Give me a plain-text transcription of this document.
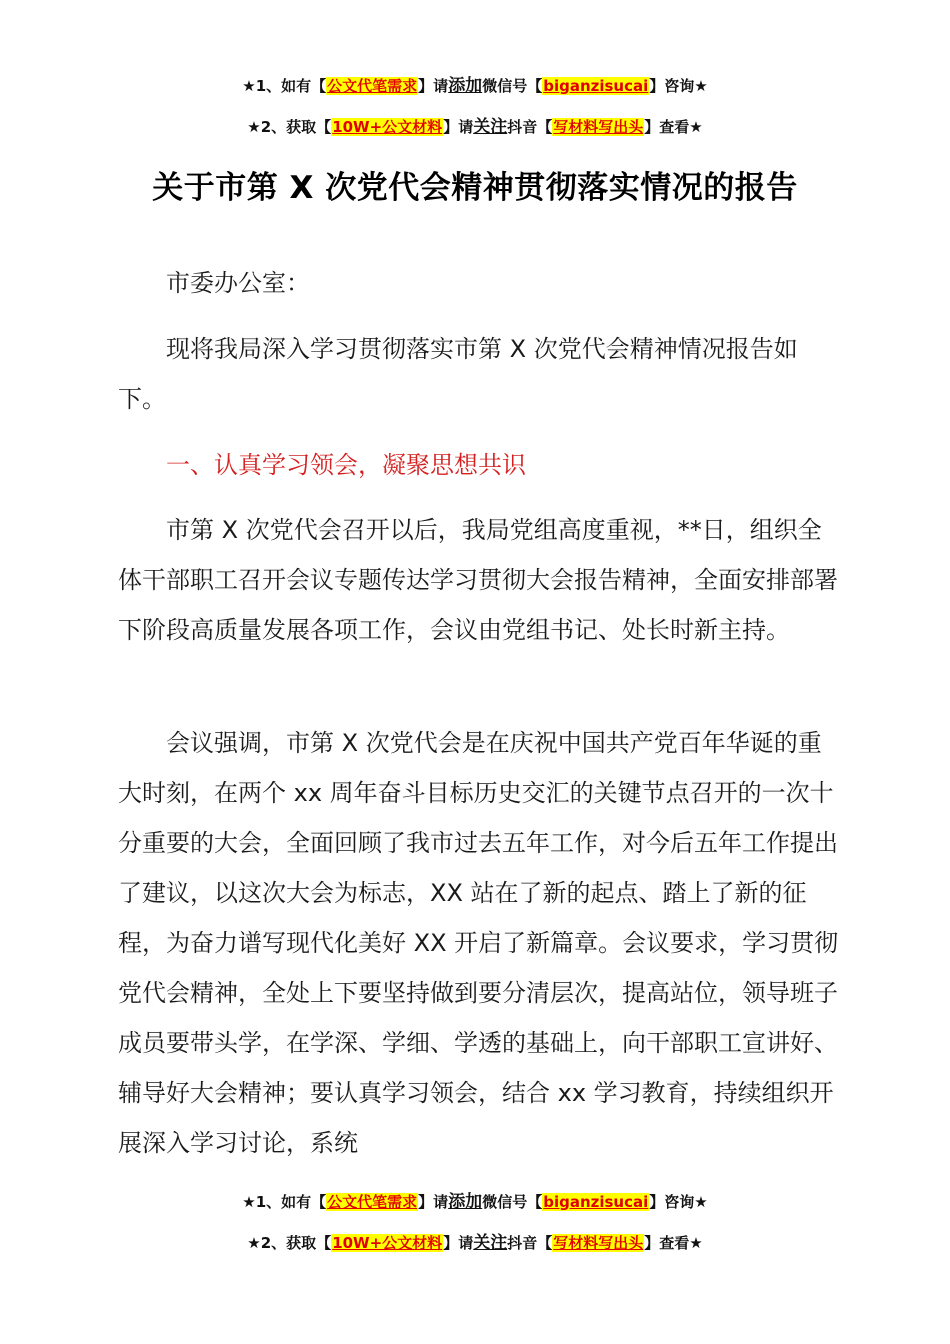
★1、如有【公文代笔需求】请添加微信号【biganzisucai】咨询★
★2、获取【10W+公文材料】请关注抖音【写材料写出头】查看★
关于市第 X 次党代会精神贯彻落实情况的报告

市委办公室：

现将我局深入学习贯彻落实市第 X 次党代会精神情况报告如下。

一、认真学习领会，凝聚思想共识

市第 X 次党代会召开以后，我局党组高度重视，**日，组织全体干部职工召开会议专题传达学习贯彻大会报告精神，全面安排部署下阶段高质量发展各项工作，会议由党组书记、处长时新主持。

会议强调，市第 X 次党代会是在庆祝中国共产党百年华诞的重大时刻，在两个 xx 周年奋斗目标历史交汇的关键节点召开的一次十分重要的大会，全面回顾了我市过去五年工作，对今后五年工作提出了建议，以这次大会为标志，XX 站在了新的起点、踏上了新的征程，为奋力谱写现代化美好 XX 开启了新篇章。会议要求，学习贯彻党代会精神，全处上下要坚持做到要分清层次，提高站位，领导班子成员要带头学，在学深、学细、学透的基础上，向干部职工宣讲好、辅导好大会精神；要认真学习领会，结合 xx 学习教育，持续组织开展深入学习讨论，系统

★1、如有【公文代笔需求】请添加微信号【biganzisucai】咨询★
★2、获取【10W+公文材料】请关注抖音【写材料写出头】查看★
